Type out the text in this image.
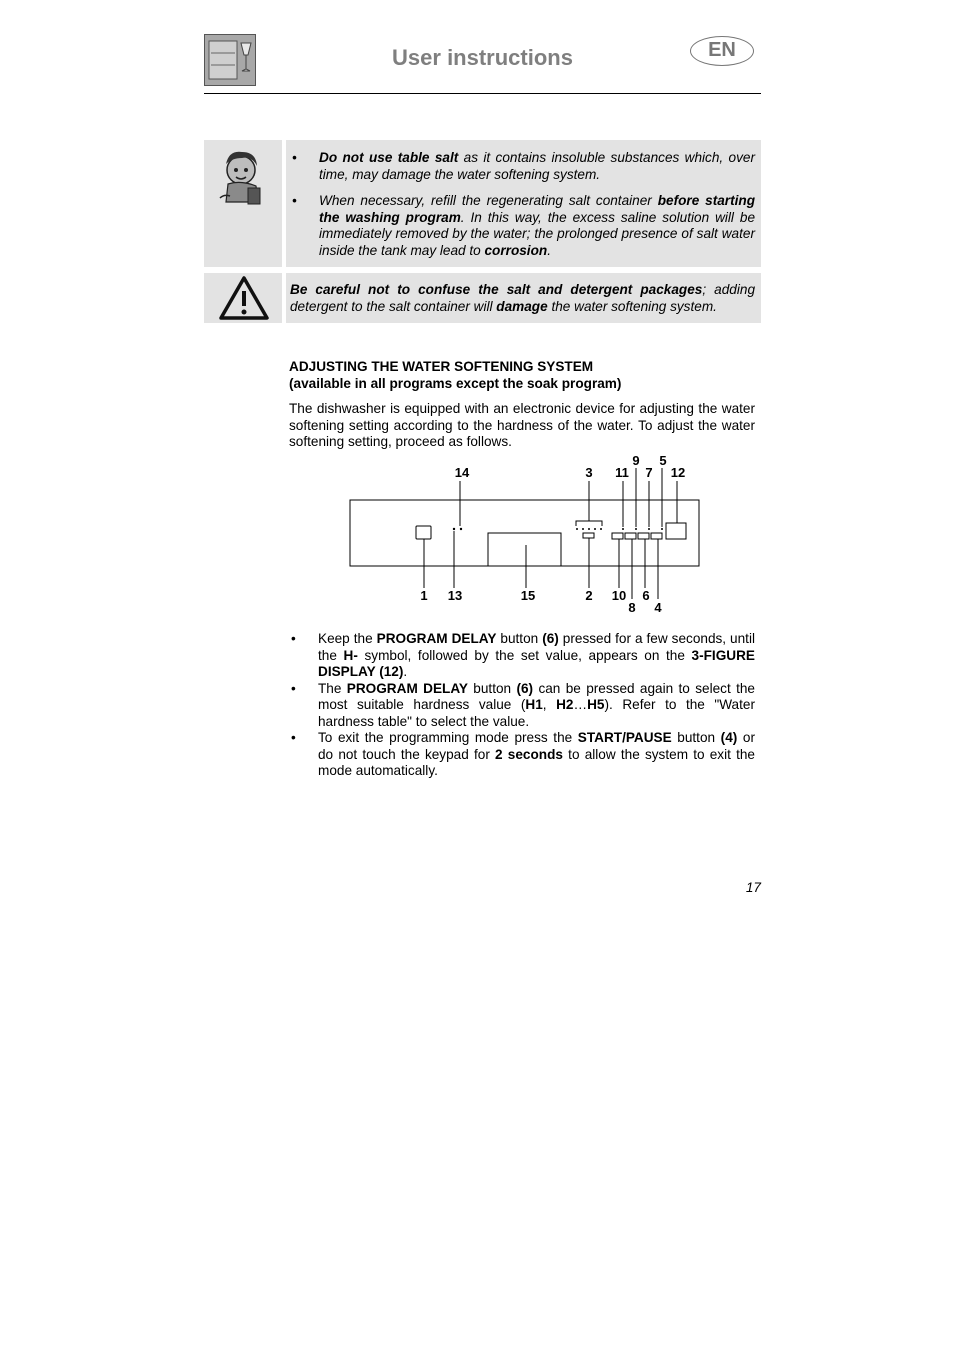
User instructions	EN
• Do not use table salt as it contains insoluble substances which, over time, may damage the water softening system.
• When necessary, refill the regenerating salt container before starting the washing program. In this way, the excess saline solution will be immediately removed by the water; the prolonged presence of salt water inside the tank may lead to corrosion.

Be careful not to confuse the salt and detergent packages; adding detergent to the salt container will damage the water softening system.

ADJUSTING THE WATER SOFTENING SYSTEM
(available in all programs except the soak program)
The dishwasher is equipped with an electronic device for adjusting the water softening setting according to the hardness of the water. To adjust the water softening setting, proceed as follows.
14	3 11
9
7
5
12
1 13	15	2 10
8
6
4
• Keep the PROGRAM DELAY button (6) pressed for a few seconds, until the H- symbol, followed by the set value, appears on the 3-FIGURE DISPLAY (12).
• The PROGRAM DELAY button (6) can be pressed again to select the most suitable hardness value (H1, H2…H5). Refer to the "Water hardness table" to select the value.
• To exit the programming mode press the START/PAUSE button (4) or do not touch the keypad for 2 seconds to allow the system to exit the mode automatically.
17
